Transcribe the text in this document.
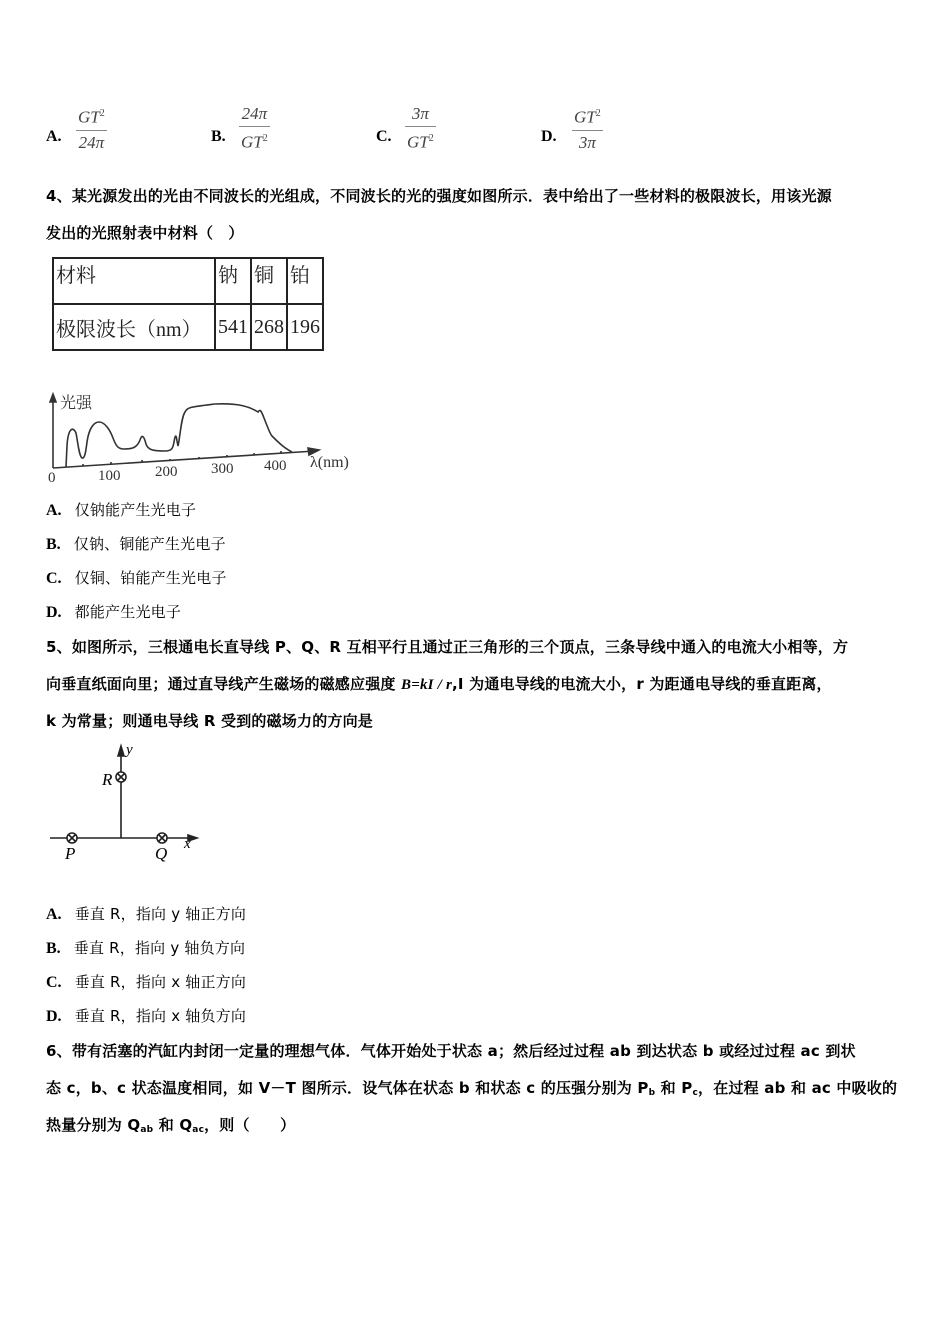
A.
$GT^2$
24π	B.
24π
$GT^2$	C.
3π
$GT^2$	D.
$GT^2$
3π
4、某光源发出的光由不同波长的光组成，不同波长的光的强度如图所示．表中给出了一些材料的极限波长，用该光源
发出的光照射表中材料（　）
材料	钠	铜	铂
极限波长（nm）	541	268	196
光强
λ(nm)
0	100 200 300 400
A. 仅钠能产生光电子
B. 仅钠、铜能产生光电子
C. 仅铜、铂能产生光电子
D. 都能产生光电子
5、如图所示，三根通电长直导线 P、Q、R 互相平行且通过正三角形的三个顶点，三条导线中通入的电流大小相等，方
向垂直纸面向里；通过直导线产生磁场的磁感应强度 B=kI / r,I 为通电导线的电流大小，r 为距通电导线的垂直距离，
k 为常量；则通电导线 R 受到的磁场力的方向是
y
x
R
P	Q
A. 垂直 R，指向 y 轴正方向
B. 垂直 R，指向 y 轴负方向
C. 垂直 R，指向 x 轴正方向
D. 垂直 R，指向 x 轴负方向
6、带有活塞的汽缸内封闭一定量的理想气体．气体开始处于状态 a；然后经过过程 ab 到达状态 b 或经过过程 ac 到状
态 c，b、c 状态温度相同，如 V－T 图所示．设气体在状态 b 和状态 c 的压强分别为 $P_b$ 和 $P_c$，在过程 ab 和 ac 中吸收的
热量分别为 $Q_{ab}$ 和 $Q_{ac}$，则（　　）
